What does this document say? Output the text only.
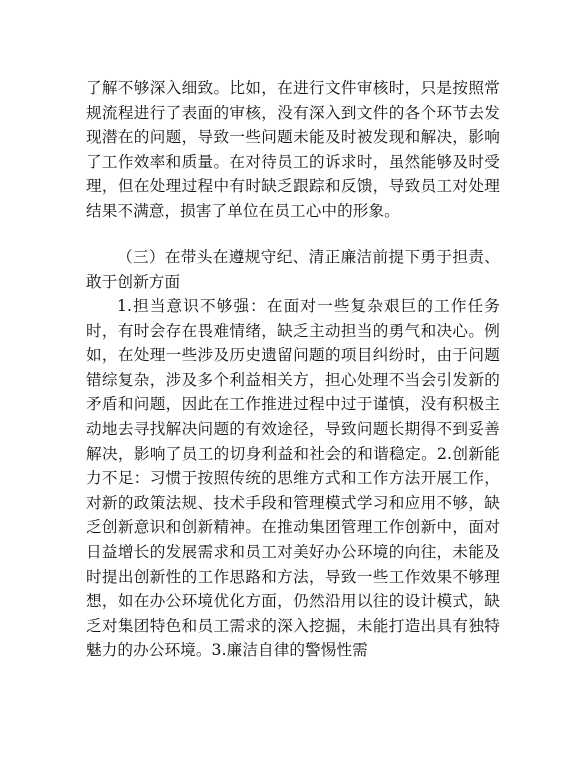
了解不够深入细致。比如，在进行文件审核时，只是按照常规流程进行了表面的审核，没有深入到文件的各个环节去发现潜在的问题，导致一些问题未能及时被发现和解决，影响了工作效率和质量。在对待员工的诉求时，虽然能够及时受理，但在处理过程中有时缺乏跟踪和反馈，导致员工对处理结果不满意，损害了单位在员工心中的形象。

（三）在带头在遵规守纪、清正廉洁前提下勇于担责、敢于创新方面

1.担当意识不够强：在面对一些复杂艰巨的工作任务时，有时会存在畏难情绪，缺乏主动担当的勇气和决心。例如，在处理一些涉及历史遗留问题的项目纠纷时，由于问题错综复杂，涉及多个利益相关方，担心处理不当会引发新的矛盾和问题，因此在工作推进过程中过于谨慎，没有积极主动地去寻找解决问题的有效途径，导致问题长期得不到妥善解决，影响了员工的切身利益和社会的和谐稳定。2.创新能力不足：习惯于按照传统的思维方式和工作方法开展工作，对新的政策法规、技术手段和管理模式学习和应用不够，缺乏创新意识和创新精神。在推动集团管理工作创新中，面对日益增长的发展需求和员工对美好办公环境的向往，未能及时提出创新性的工作思路和方法，导致一些工作效果不够理想，如在办公环境优化方面，仍然沿用以往的设计模式，缺乏对集团特色和员工需求的深入挖掘，未能打造出具有独特魅力的办公环境。3.廉洁自律的警惕性需
